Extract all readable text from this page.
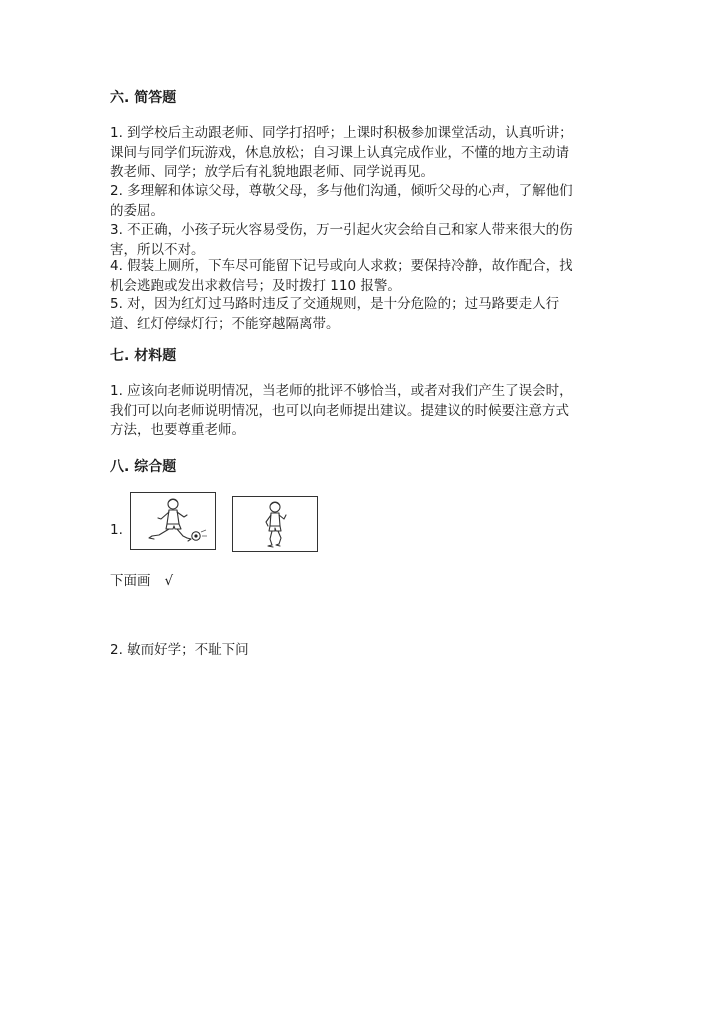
六. 简答题
1. 到学校后主动跟老师、同学打招呼；上课时积极参加课堂活动，认真听讲；
课间与同学们玩游戏，休息放松；自习课上认真完成作业，不懂的地方主动请
教老师、同学；放学后有礼貌地跟老师、同学说再见。
2. 多理解和体谅父母，尊敬父母，多与他们沟通，倾听父母的心声，了解他们
的委屈。
3. 不正确，小孩子玩火容易受伤，万一引起火灾会给自己和家人带来很大的伤
害，所以不对。
4. 假装上厕所，下车尽可能留下记号或向人求救；要保持冷静，故作配合，找
机会逃跑或发出求救信号；及时拨打 110 报警。
5. 对，因为红灯过马路时违反了交通规则，是十分危险的；过马路要走人行
道、红灯停绿灯行；不能穿越隔离带。
七. 材料题
1. 应该向老师说明情况，当老师的批评不够恰当，或者对我们产生了误会时，
我们可以向老师说明情况，也可以向老师提出建议。提建议的时候要注意方式
方法，也要尊重老师。
八. 综合题
1.
下面画 √
2. 敏而好学；不耻下问
